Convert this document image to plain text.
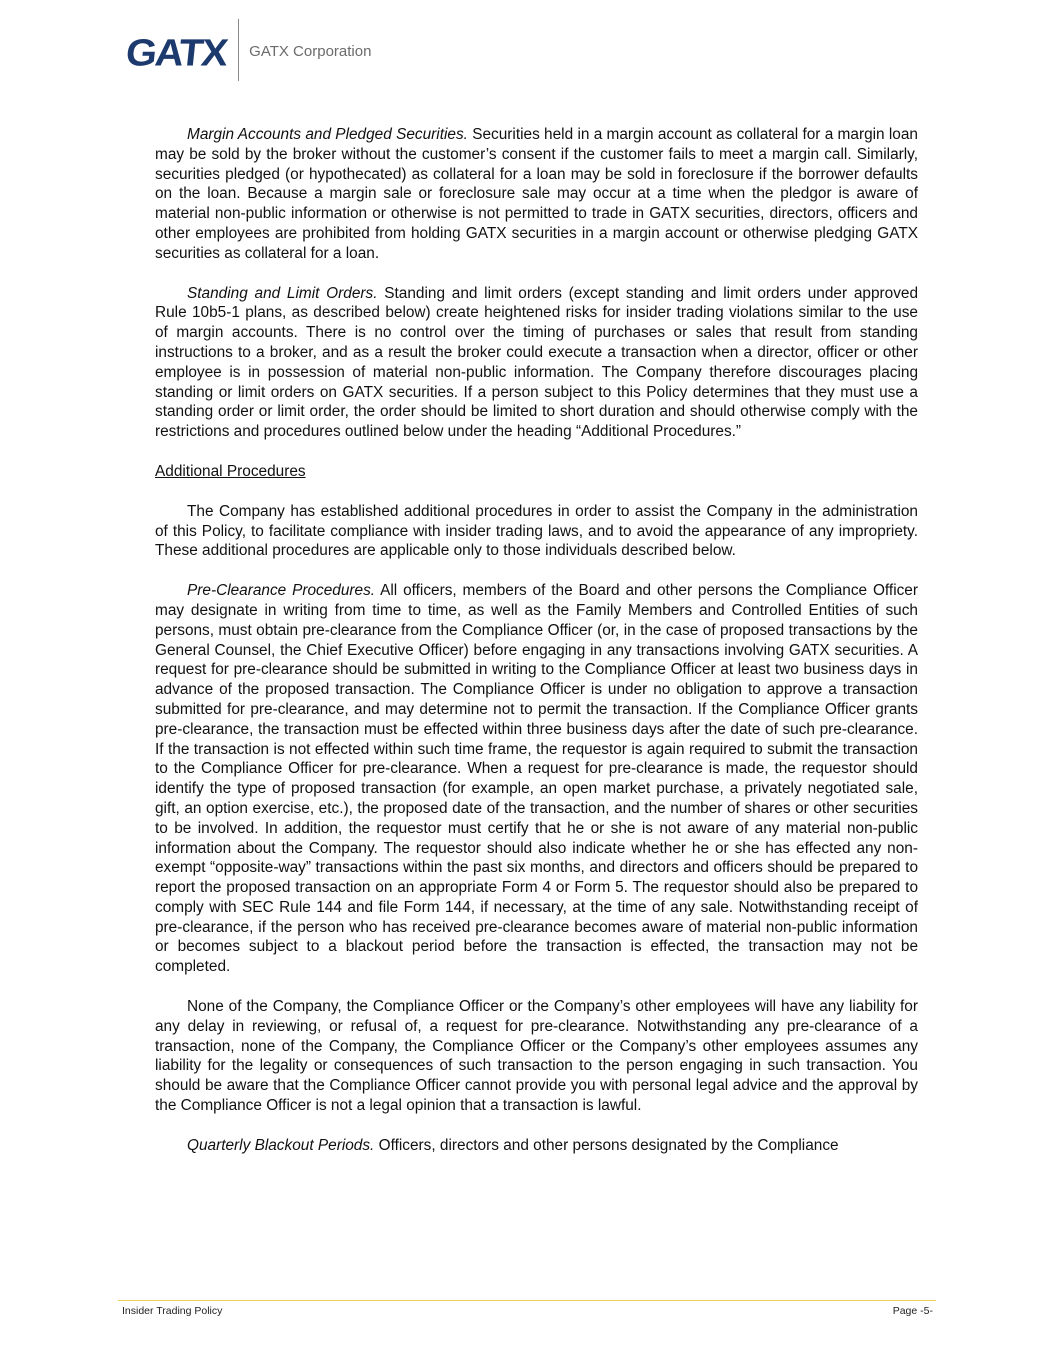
GATX GATX Corporation

Margin Accounts and Pledged Securities. Securities held in a margin account as collateral for a margin loan may be sold by the broker without the customer’s consent if the customer fails to meet a margin call. Similarly, securities pledged (or hypothecated) as collateral for a loan may be sold in foreclosure if the borrower defaults on the loan. Because a margin sale or foreclosure sale may occur at a time when the pledgor is aware of material non-public information or otherwise is not permitted to trade in GATX securities, directors, officers and other employees are prohibited from holding GATX securities in a margin account or otherwise pledging GATX securities as collateral for a loan.

Standing and Limit Orders. Standing and limit orders (except standing and limit orders under approved Rule 10b5-1 plans, as described below) create heightened risks for insider trading violations similar to the use of margin accounts. There is no control over the timing of purchases or sales that result from standing instructions to a broker, and as a result the broker could execute a transaction when a director, officer or other employee is in possession of material non-public information. The Company therefore discourages placing standing or limit orders on GATX securities. If a person subject to this Policy determines that they must use a standing order or limit order, the order should be limited to short duration and should otherwise comply with the restrictions and procedures outlined below under the heading “Additional Procedures.”

Additional Procedures

The Company has established additional procedures in order to assist the Company in the administration of this Policy, to facilitate compliance with insider trading laws, and to avoid the appearance of any impropriety. These additional procedures are applicable only to those individuals described below.

Pre-Clearance Procedures. All officers, members of the Board and other persons the Compliance Officer may designate in writing from time to time, as well as the Family Members and Controlled Entities of such persons, must obtain pre-clearance from the Compliance Officer (or, in the case of proposed transactions by the General Counsel, the Chief Executive Officer) before engaging in any transactions involving GATX securities. A request for pre-clearance should be submitted in writing to the Compliance Officer at least two business days in advance of the proposed transaction. The Compliance Officer is under no obligation to approve a transaction submitted for pre-clearance, and may determine not to permit the transaction. If the Compliance Officer grants pre-clearance, the transaction must be effected within three business days after the date of such pre-clearance. If the transaction is not effected within such time frame, the requestor is again required to submit the transaction to the Compliance Officer for pre-clearance. When a request for pre-clearance is made, the requestor should identify the type of proposed transaction (for example, an open market purchase, a privately negotiated sale, gift, an option exercise, etc.), the proposed date of the transaction, and the number of shares or other securities to be involved. In addition, the requestor must certify that he or she is not aware of any material non-public information about the Company. The requestor should also indicate whether he or she has effected any non-exempt “opposite-way” transactions within the past six months, and directors and officers should be prepared to report the proposed transaction on an appropriate Form 4 or Form 5. The requestor should also be prepared to comply with SEC Rule 144 and file Form 144, if necessary, at the time of any sale. Notwithstanding receipt of pre-clearance, if the person who has received pre-clearance becomes aware of material non-public information or becomes subject to a blackout period before the transaction is effected, the transaction may not be completed.

None of the Company, the Compliance Officer or the Company’s other employees will have any liability for any delay in reviewing, or refusal of, a request for pre-clearance. Notwithstanding any pre-clearance of a transaction, none of the Company, the Compliance Officer or the Company’s other employees assumes any liability for the legality or consequences of such transaction to the person engaging in such transaction. You should be aware that the Compliance Officer cannot provide you with personal legal advice and the approval by the Compliance Officer is not a legal opinion that a transaction is lawful.

Quarterly Blackout Periods. Officers, directors and other persons designated by the Compliance

Insider Trading Policy	Page -5-
